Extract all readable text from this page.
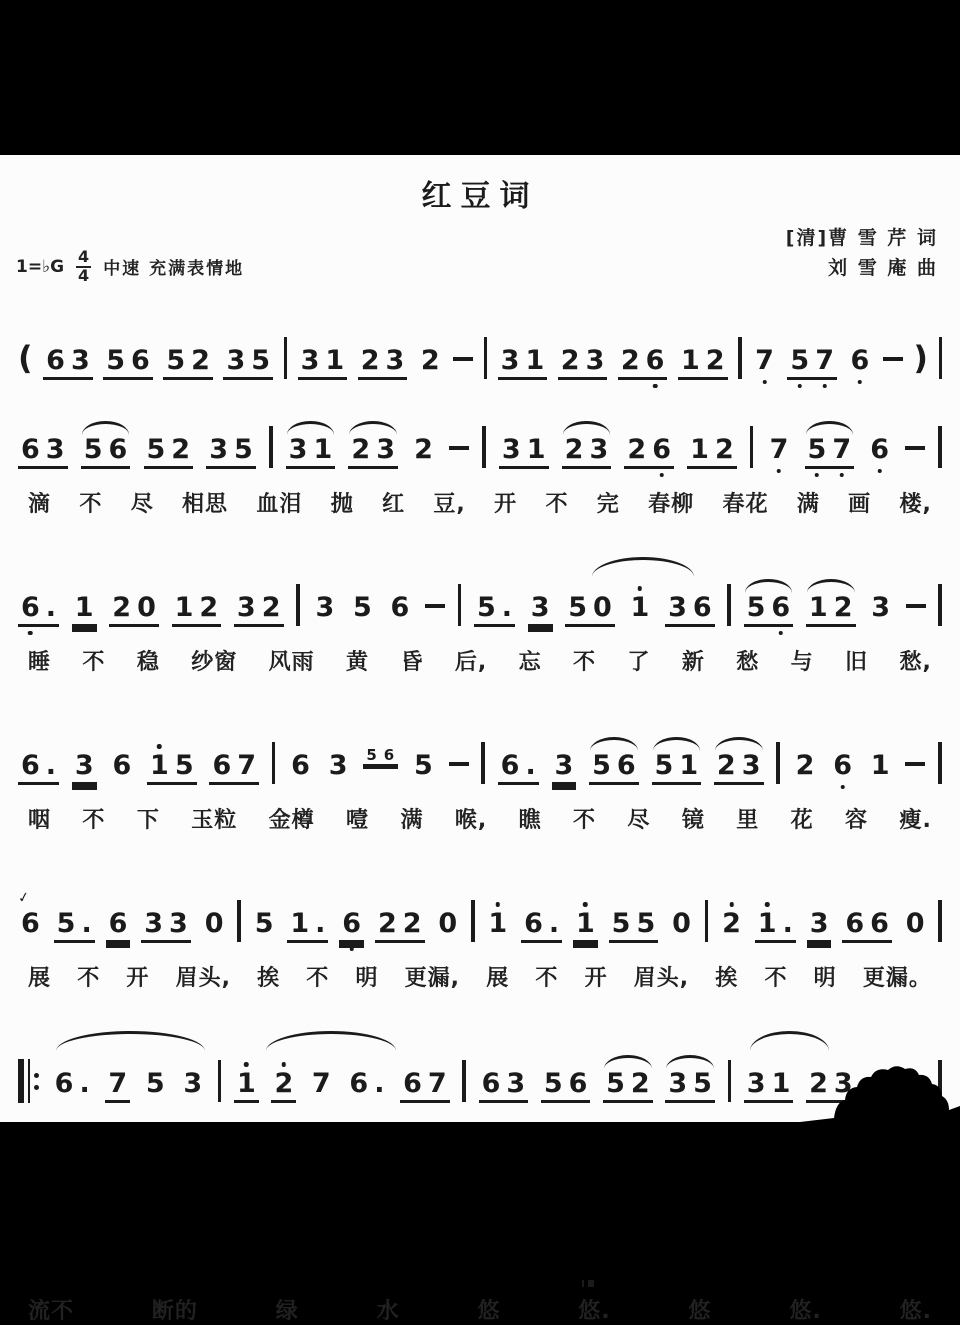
红豆词
1=♭G $\frac{4}{4}$ 中速 充满表情地
[清]曹 雪 芹 词
刘 雪 庵 曲
( 6 3 5 6 5 2 3 5 3 1 2 3 2 3 1 2 3 2 6 1 2 7 5 7 6 )
6 3 5 6 5 2 3 5 3 1 2 3 2	3 1 2 3 2 6 1 2 7 5 7 6
滴 不 尽 相思 血泪 抛 红 豆, 开 不 完 春柳 春花 满 画 楼,
6 . 1 2 0 1 2 3 2 3 5 6	5 . 3 5 0 1 3 6 5 6 1 2 3
睡 不 稳 纱窗 风雨 黄 昏 后, 忘 不 了 新 愁 与 旧 愁,
6 . 3 6 1 5 6 7 6 3 5 6 5	6 . 3 5 6 5 1 2 3 2 6 1
咽 不 下 玉粒 金樽 噎 满 喉, 瞧 不 尽 镜 里 花 容 瘦.
6 ✓ 5 . 6 3 3 0 5 1 . 6 2 2 0 1 6 . 1 5 5 0 2 1 . 3 6 6 0
展 不 开 眉头, 挨 不 明 更漏, 展 不 开 眉头, 挨 不 明 更漏。
6 . 7 5 3 1 2 7 6 . 6 7 6 3 5 6 5 2 3 5 3 1 2 3
流不	断的	绿	水	悠	悠.	悠	悠.	悠.
